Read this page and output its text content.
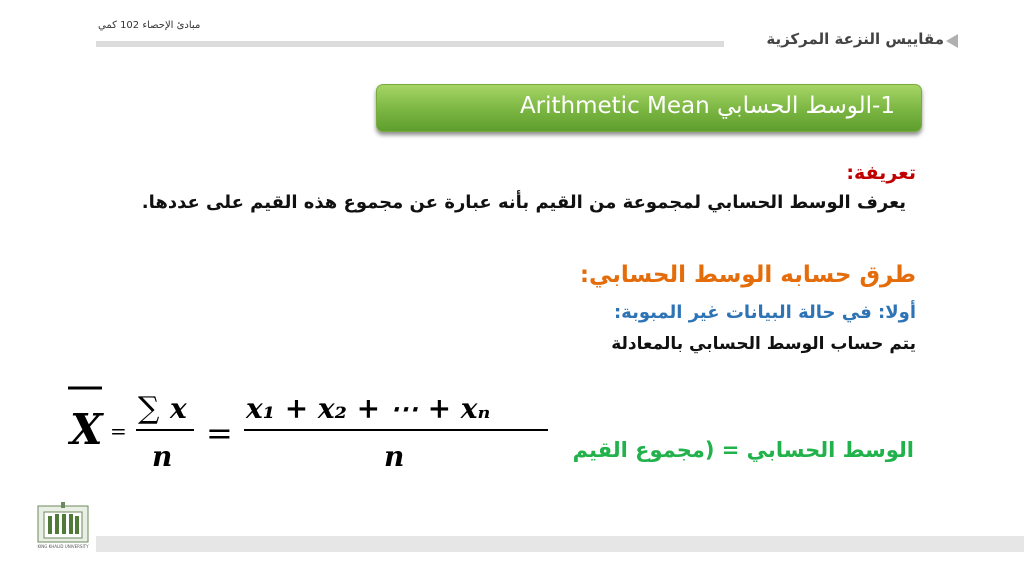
مبادئ الإحصاء 102 كمي
مقاييس النزعة المركزية
1-الوسط الحسابي Arithmetic Mean
تعريفة:
يعرف الوسط الحسابي لمجموعة من القيم بأنه عبارة عن مجموع هذه القيم على عددها.
طرق حسابه الوسط الحسابي:
أولا: في حالة البيانات غير المبوبة:
يتم حساب الوسط الحسابي بالمعادلة
الوسط الحسابي = (مجموع القيم
X =
∑ x
n
=
x₁ + x₂ + ⋯ + xₙ
n
KING KHALID UNIVERSITY
